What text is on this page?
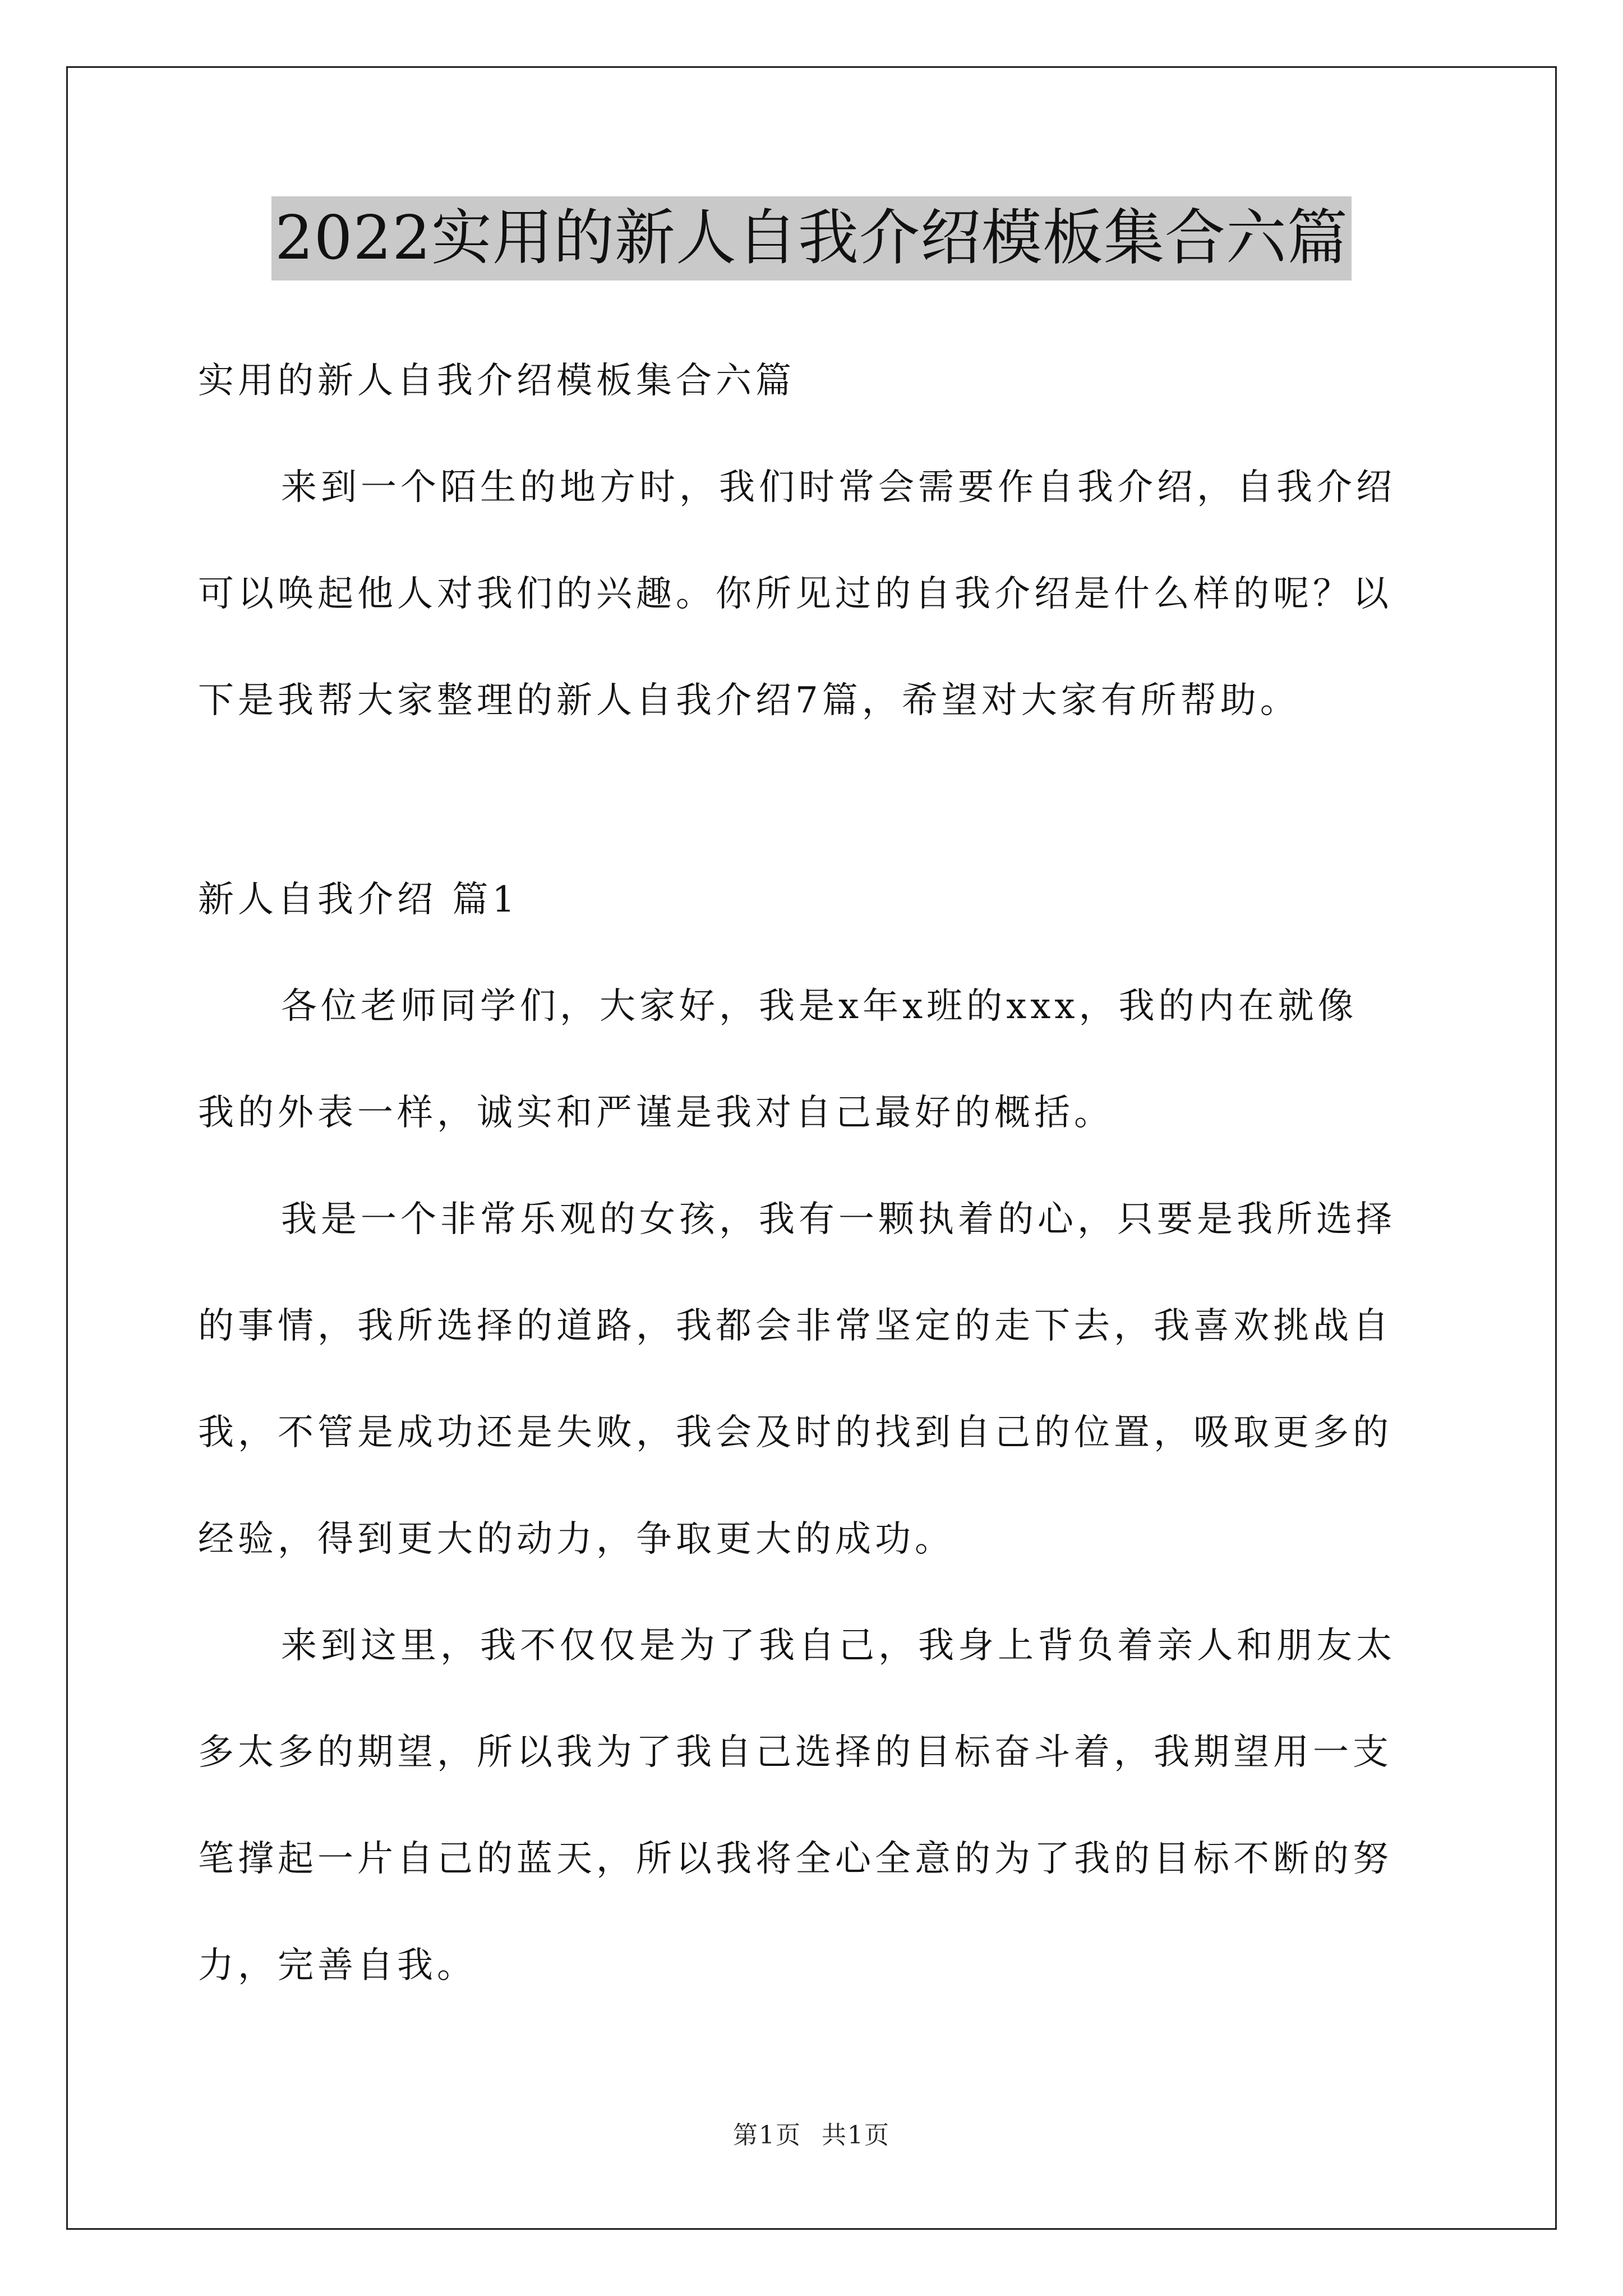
2022实用的新人自我介绍模板集合六篇
实用的新人自我介绍模板集合六篇
来到一个陌生的地方时，我们时常会需要作自我介绍，自我介绍
可以唤起他人对我们的兴趣。你所见过的自我介绍是什么样的呢？以
下是我帮大家整理的新人自我介绍7篇，希望对大家有所帮助。
新人自我介绍 篇1
各位老师同学们，大家好，我是x年x班的xxx，我的内在就像
我的外表一样，诚实和严谨是我对自己最好的概括。
我是一个非常乐观的女孩，我有一颗执着的心，只要是我所选择
的事情，我所选择的道路，我都会非常坚定的走下去，我喜欢挑战自
我，不管是成功还是失败，我会及时的找到自己的位置，吸取更多的
经验，得到更大的动力，争取更大的成功。
来到这里，我不仅仅是为了我自己，我身上背负着亲人和朋友太
多太多的期望，所以我为了我自己选择的目标奋斗着，我期望用一支
笔撑起一片自己的蓝天，所以我将全心全意的为了我的目标不断的努
力，完善自我。
第1页 共1页
